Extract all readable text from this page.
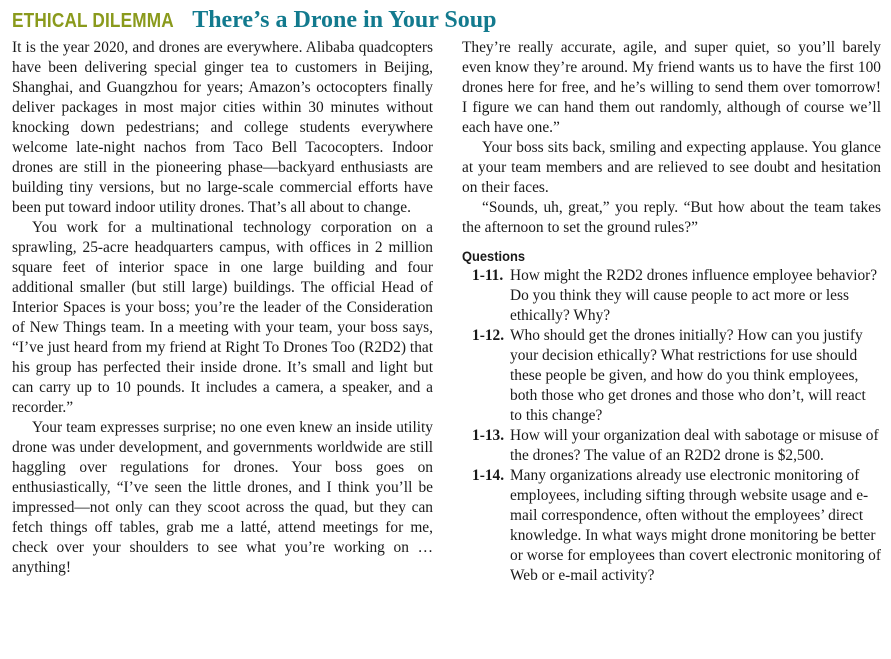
ETHICAL DILEMMA There’s a Drone in Your Soup

It is the year 2020, and drones are everywhere. Alibaba quadcopters have been delivering special ginger tea to customers in Beijing, Shanghai, and Guangzhou for years; Amazon’s octocopters finally deliver packages in most major cities within 30 minutes without knocking down pedestrians; and college students everywhere welcome late-night nachos from Taco Bell Tacocopters. Indoor drones are still in the pioneering phase—backyard enthusiasts are building tiny versions, but no large-scale commercial efforts have been put toward indoor utility drones. That’s all about to change.

You work for a multinational technology corporation on a sprawling, 25-acre headquarters campus, with offices in 2 million square feet of interior space in one large building and four additional smaller (but still large) buildings. The official Head of Interior Spaces is your boss; you’re the leader of the Consideration of New Things team. In a meeting with your team, your boss says, “I’ve just heard from my friend at Right To Drones Too (R2D2) that his group has perfected their inside drone. It’s small and light but can carry up to 10 pounds. It includes a camera, a speaker, and a recorder.”

Your team expresses surprise; no one even knew an inside utility drone was under development, and governments worldwide are still haggling over regulations for drones. Your boss goes on enthusiastically, “I’ve seen the little drones, and I think you’ll be impressed—not only can they scoot across the quad, but they can fetch things off tables, grab me a latté, attend meetings for me, check over your shoulders to see what you’re working on … anything!

They’re really accurate, agile, and super quiet, so you’ll barely even know they’re around. My friend wants us to have the first 100 drones here for free, and he’s willing to send them over tomorrow! I figure we can hand them out randomly, although of course we’ll each have one.”

Your boss sits back, smiling and expecting applause. You glance at your team members and are relieved to see doubt and hesitation on their faces.

“Sounds, uh, great,” you reply. “But how about the team takes the afternoon to set the ground rules?”

Questions
1-11. How might the R2D2 drones influence employee behavior? Do you think they will cause people to act more or less ethically? Why?
1-12. Who should get the drones initially? How can you justify your decision ethically? What restrictions for use should these people be given, and how do you think employees, both those who get drones and those who don’t, will react to this change?
1-13. How will your organization deal with sabotage or misuse of the drones? The value of an R2D2 drone is $2,500.
1-14. Many organizations already use electronic monitoring of employees, including sifting through website usage and e-mail correspondence, often without the employees’ direct knowledge. In what ways might drone monitoring be better or worse for employees than covert electronic monitoring of Web or e-mail activity?
